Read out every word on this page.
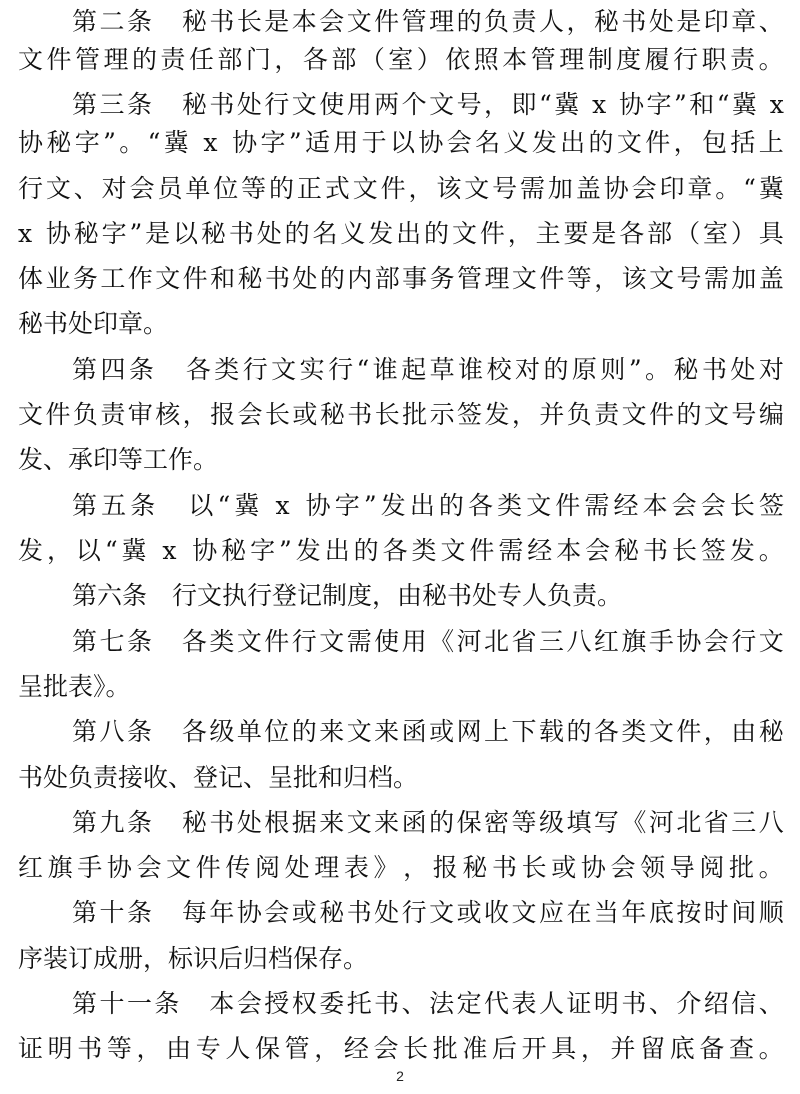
第 二 条
　 秘 书 长 是 本 会 文 件 管 理 的 负 责 人 ， 秘 书 处 是 印 章 、
文 件 管 理 的 责 任 部 门 ， 各 部 （ 室 ） 依 照 本 管 理 制 度 履 行 职 责 。
第 三 条
　 秘 书 处 行 文 使 用 两 个 文 号 ， 即 “ 冀
x
协 字 ” 和 “ 冀
x
协 秘 字 ” 。 “ 冀
x
协 字 ” 适 用 于 以 协 会 名 义 发 出 的 文 件 ， 包 括 上
行 文 、 对 会 员 单 位 等 的 正 式 文 件 ， 该 文 号 需 加 盖 协 会 印 章 。 “ 冀
x
协 秘 字 ” 是 以 秘 书 处 的 名 义 发 出 的 文 件 ， 主 要 是 各 部 （ 室 ） 具
体 业 务 工 作 文 件 和 秘 书 处 的 内 部 事 务 管 理 文 件 等 ， 该 文 号 需 加 盖
秘书处印章。
第 四 条
　 各 类 行 文 实 行 “ 谁 起 草 谁 校 对 的 原 则 ” 。 秘 书 处 对
文 件 负 责 审 核 ， 报 会 长 或 秘 书 长 批 示 签 发 ， 并 负 责 文 件 的 文 号 编
发、承印等工作。
第 五 条
　 以 “ 冀
x
协 字 ” 发 出 的 各 类 文 件 需 经 本 会 会 长 签
发 ， 以 “ 冀
x
协 秘 字 ” 发 出 的 各 类 文 件 需 经 本 会 秘 书 长 签 发 。
第六条　行文执行登记制度，由秘书处专人负责。
第 七 条
　 各 类 文 件 行 文 需 使 用 《 河 北 省 三 八 红 旗 手 协 会 行 文
呈批表》。
第 八 条
　 各 级 单 位 的 来 文 来 函 或 网 上 下 载 的 各 类 文 件 ， 由 秘
书处负责接收、登记、呈批和归档。
第 九 条
　 秘 书 处 根 据 来 文 来 函 的 保 密 等 级 填 写 《 河 北 省 三 八
红 旗 手 协 会 文 件 传 阅 处 理 表 》 ， 报 秘 书 长 或 协 会 领 导 阅 批 。
第 十 条
　 每 年 协 会 或 秘 书 处 行 文 或 收 文 应 在 当 年 底 按 时 间 顺
序装订成册，标识后归档保存。
第 十 一 条
　 本 会 授 权 委 托 书 、 法 定 代 表 人 证 明 书 、 介 绍 信 、
证 明 书 等 ， 由 专 人 保 管 ， 经 会 长 批 准 后 开 具 ， 并 留 底 备 查 。
2
